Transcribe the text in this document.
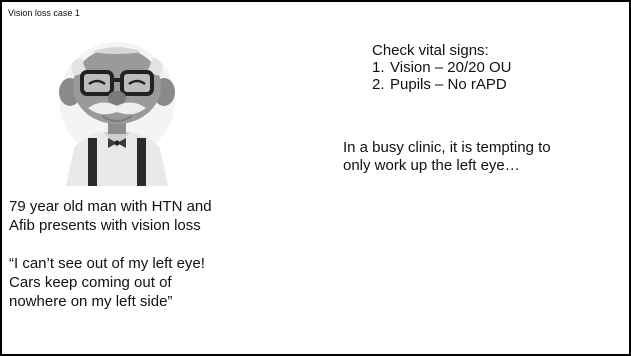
Vision loss case 1
79 year old man with HTN and
Afib presents with vision loss
“I can’t see out of my left eye!
Cars keep coming out of
nowhere on my left side”
Check vital signs:
1. Vision – 20/20 OU
2. Pupils – No rAPD
In a busy clinic, it is tempting to
only work up the left eye…
